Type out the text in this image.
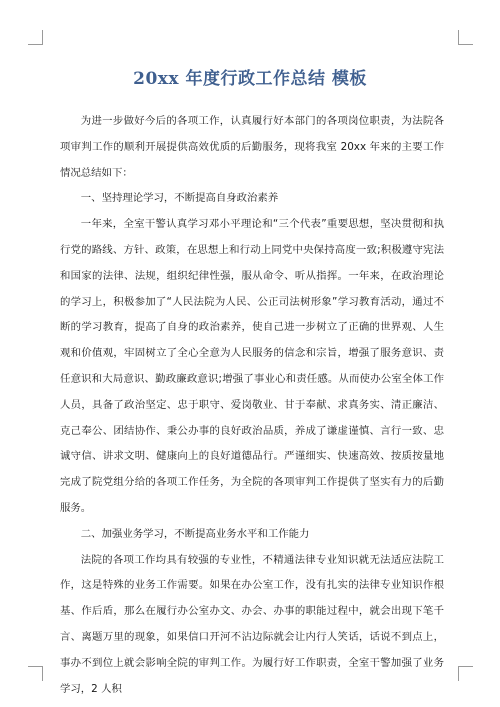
20xx 年度行政工作总结 模板

为进一步做好今后的各项工作，认真履行好本部门的各项岗位职责，为法院各项审判工作的顺利开展提供高效优质的后勤服务，现将我室 20xx 年来的主要工作情况总结如下：

一、坚持理论学习，不断提高自身政治素养

一年来，全室干警认真学习邓小平理论和“三个代表”重要思想，坚决贯彻和执行党的路线、方针、政策，在思想上和行动上同党中央保持高度一致;积极遵守宪法和国家的法律、法规，组织纪律性强，服从命令、听从指挥。一年来，在政治理论的学习上，积极参加了“人民法院为人民、公正司法树形象”学习教育活动，通过不断的学习教育，提高了自身的政治素养，使自己进一步树立了正确的世界观、人生观和价值观，牢固树立了全心全意为人民服务的信念和宗旨，增强了服务意识、责任意识和大局意识、勤政廉政意识;增强了事业心和责任感。从而使办公室全体工作人员，具备了政治坚定、忠于职守、爱岗敬业、甘于奉献、求真务实、清正廉洁、克己奉公、团结协作、秉公办事的良好政治品质，养成了谦虚谨慎、言行一致、忠诚守信、讲求文明、健康向上的良好道德品行。严谨细实、快速高效、按质按量地完成了院党组分给的各项工作任务，为全院的各项审判工作提供了坚实有力的后勤服务。

二、加强业务学习，不断提高业务水平和工作能力

法院的各项工作均具有较强的专业性，不精通法律专业知识就无法适应法院工作，这是特殊的业务工作需要。如果在办公室工作，没有扎实的法律专业知识作根基、作后盾，那么在履行办公室办文、办会、办事的职能过程中，就会出现下笔千言、离题万里的现象，如果信口开河不沾边际就会让内行人笑话，话说不到点上，事办不到位上就会影响全院的审判工作。为履行好工作职责，全室干警加强了业务学习，2 人积
